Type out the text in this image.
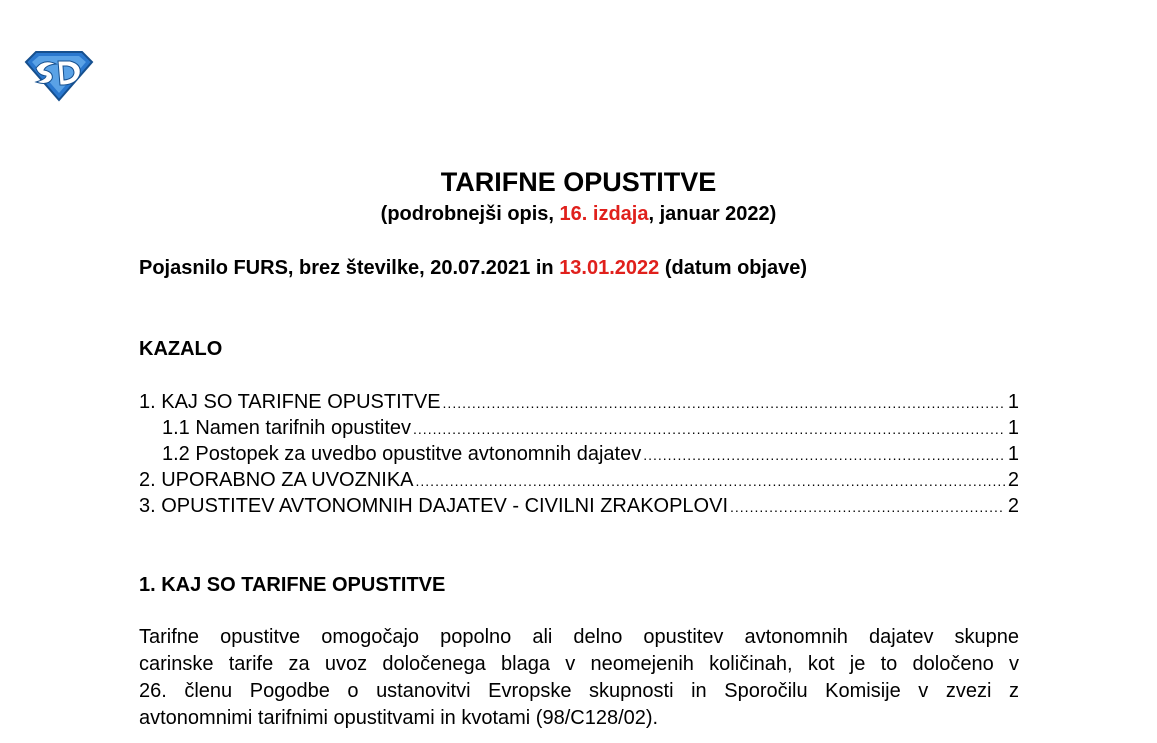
TARIFNE OPUSTITVE
(podrobnejši opis, 16. izdaja, januar 2022)
Pojasnilo FURS, brez številke, 20.07.2021 in 13.01.2022 (datum objave)
KAZALO
1. KAJ SO TARIFNE OPUSTITVE .....	1
1.1 Namen tarifnih opustitev .....	1
1.2 Postopek za uvedbo opustitve avtonomnih dajatev .....	1
2. UPORABNO ZA UVOZNIKA .....	2
3. OPUSTITEV AVTONOMNIH DAJATEV - CIVILNI ZRAKOPLOVI .....	2
1. KAJ SO TARIFNE OPUSTITVE
Tarifne opustitve omogočajo popolno ali delno opustitev avtonomnih dajatev skupne
carinske tarife za uvoz določenega blaga v neomejenih količinah, kot je to določeno v
26. členu Pogodbe o ustanovitvi Evropske skupnosti in Sporočilu Komisije v zvezi z
avtonomnimi tarifnimi opustitvami in kvotami (98/C128/02).
